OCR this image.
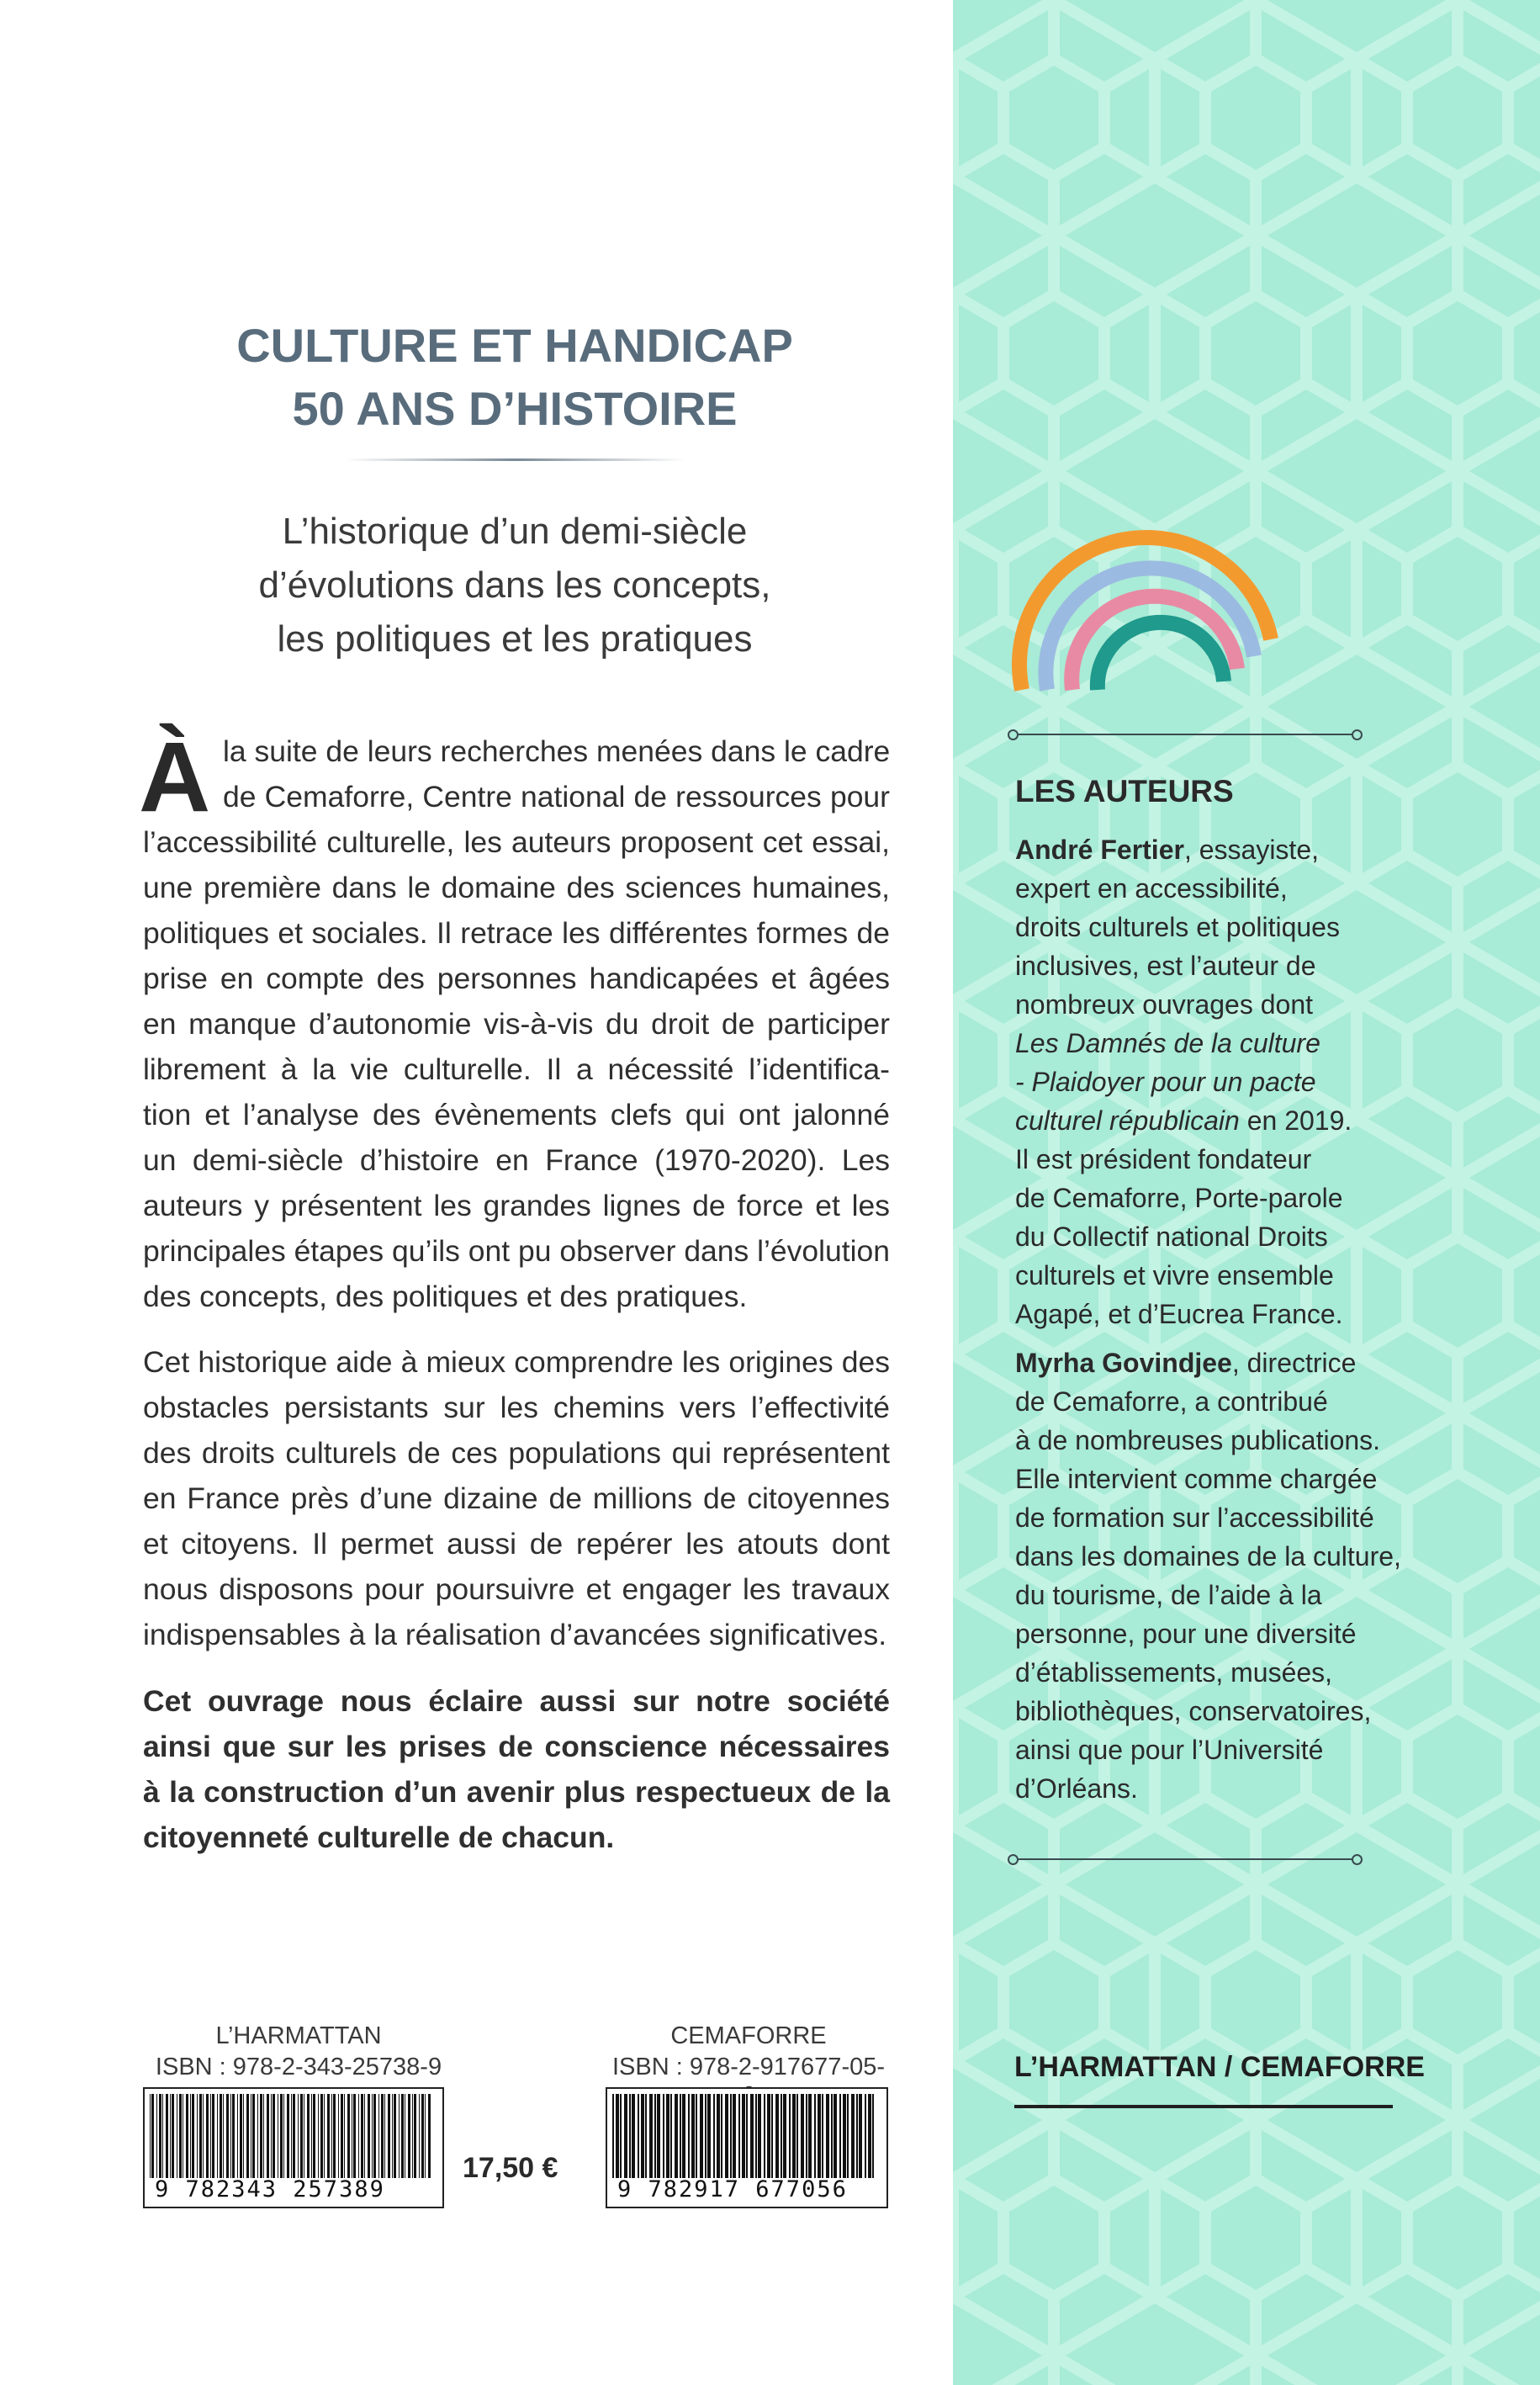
CULTURE ET HANDICAP
50 ANS D’HISTOIRE
L’historique d’un demi-siècle
d’évolutions dans les concepts,
les politiques et les pratiques
À la suite de leurs recherches menées dans le cadre
de Cemaforre, Centre national de ressources pour
l’accessibilité culturelle, les auteurs proposent cet essai,
une première dans le domaine des sciences humaines,
politiques et sociales. Il retrace les différentes formes de
prise en compte des personnes handicapées et âgées
en manque d’autonomie vis-à-vis du droit de participer
librement à la vie culturelle. Il a nécessité l’identifica-
tion et l’analyse des évènements clefs qui ont jalonné
un demi-siècle d’histoire en France (1970-2020). Les
auteurs y présentent les grandes lignes de force et les
principales étapes qu’ils ont pu observer dans l’évolution
des concepts, des politiques et des pratiques.
Cet historique aide à mieux comprendre les origines des
obstacles persistants sur les chemins vers l’effectivité
des droits culturels de ces populations qui représentent
en France près d’une dizaine de millions de citoyennes
et citoyens. Il permet aussi de repérer les atouts dont
nous disposons pour poursuivre et engager les travaux
indispensables à la réalisation d’avancées significatives.
Cet ouvrage nous éclaire aussi sur notre société
ainsi que sur les prises de conscience nécessaires
à la construction d’un avenir plus respectueux de la
citoyenneté culturelle de chacun.
L’HARMATTAN
ISBN : 978-2-343-25738-9
9 782343 257389
17,50 €
CEMAFORRE
ISBN : 978-2-917677-05-
9 782917 677056
LES AUTEURS
André Fertier, essayiste,
expert en accessibilité,
droits culturels et politiques
inclusives, est l’auteur de
nombreux ouvrages dont
Les Damnés de la culture
- Plaidoyer pour un pacte
culturel républicain en 2019.
Il est président fondateur
de Cemaforre, Porte-parole
du Collectif national Droits
culturels et vivre ensemble
Agapé, et d’Eucrea France.
Myrha Govindjee, directrice
de Cemaforre, a contribué
à de nombreuses publications.
Elle intervient comme chargée
de formation sur l’accessibilité
dans les domaines de la culture,
du tourisme, de l’aide à la
personne, pour une diversité
d’établissements, musées,
bibliothèques, conservatoires,
ainsi que pour l’Université
d’Orléans.
L’HARMATTAN / CEMAFORRE
